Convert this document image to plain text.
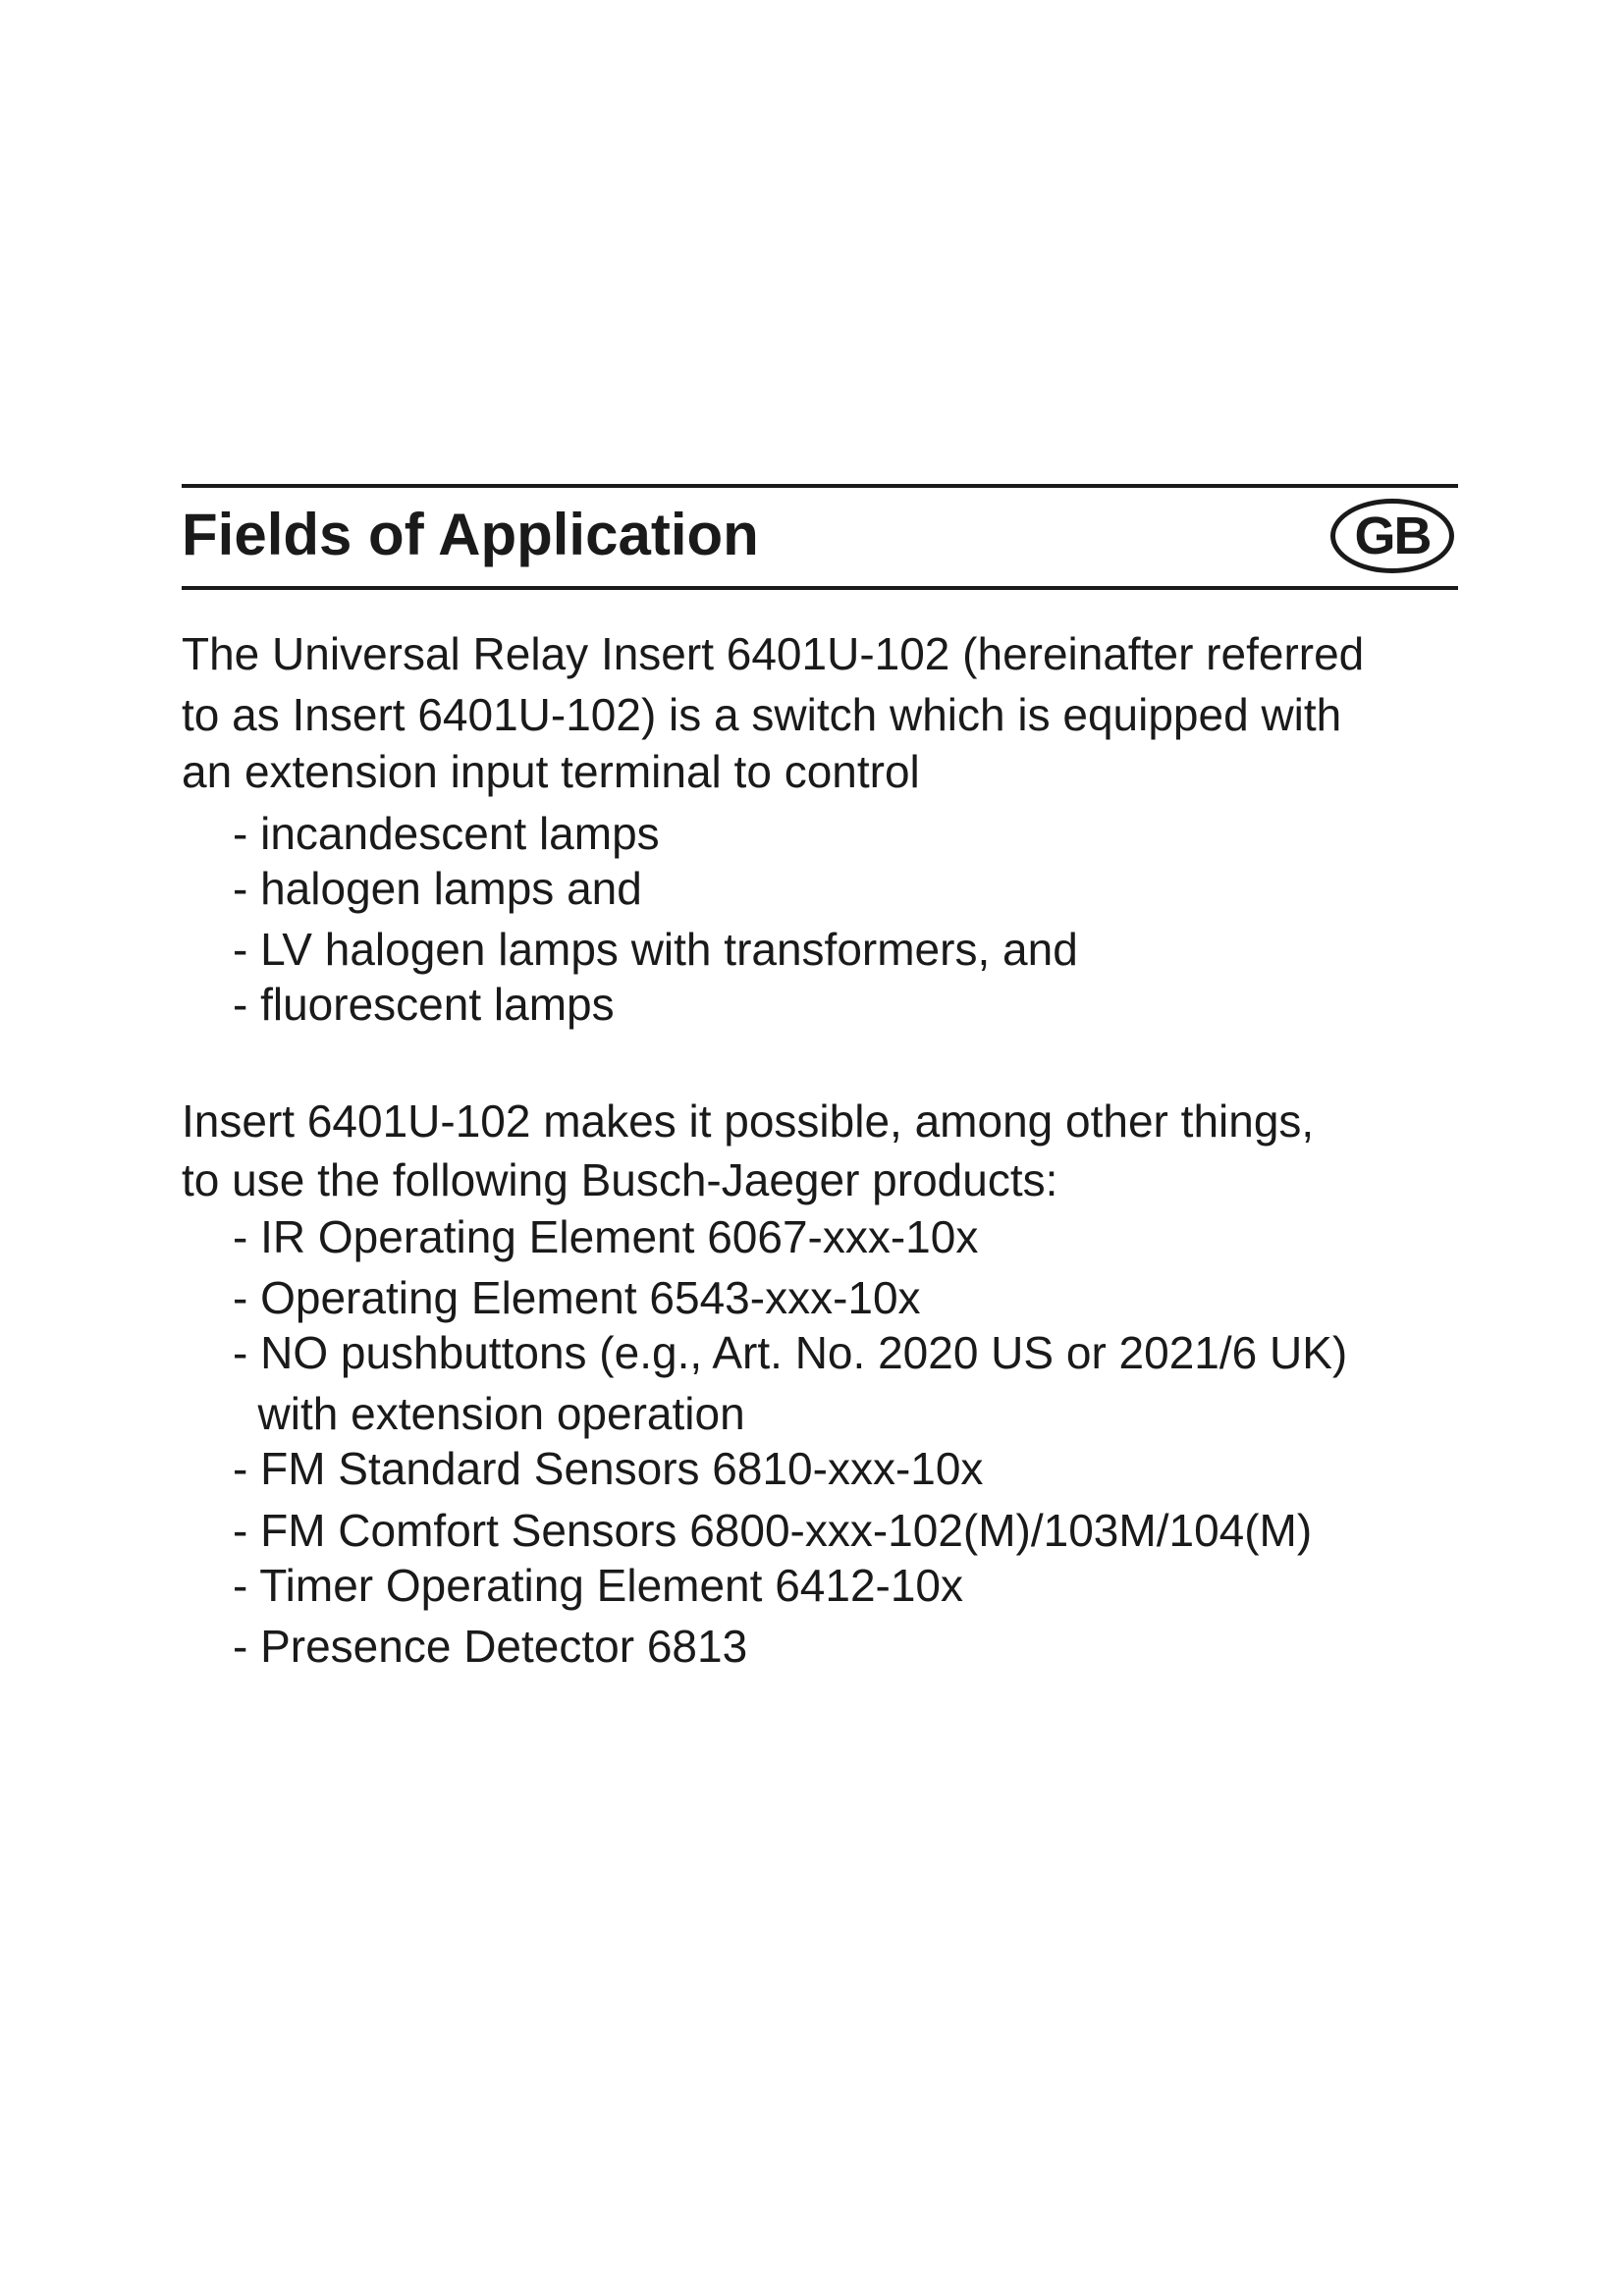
Fields of Application	GB
The Universal Relay Insert 6401U-102 (hereinafter referred
to as Insert 6401U-102) is a switch which is equipped with
an extension input terminal to control
- incandescent lamps
- halogen lamps and
- LV halogen lamps with transformers, and
- fluorescent lamps
Insert 6401U-102 makes it possible, among other things,
to use the following Busch-Jaeger products:
- IR Operating Element 6067-xxx-10x
- Operating Element 6543-xxx-10x
- NO pushbuttons (e.g., Art. No. 2020 US or 2021/6 UK)
with extension operation
- FM Standard Sensors 6810-xxx-10x
- FM Comfort Sensors 6800-xxx-102(M)/103M/104(M)
- Timer Operating Element 6412-10x
- Presence Detector 6813
